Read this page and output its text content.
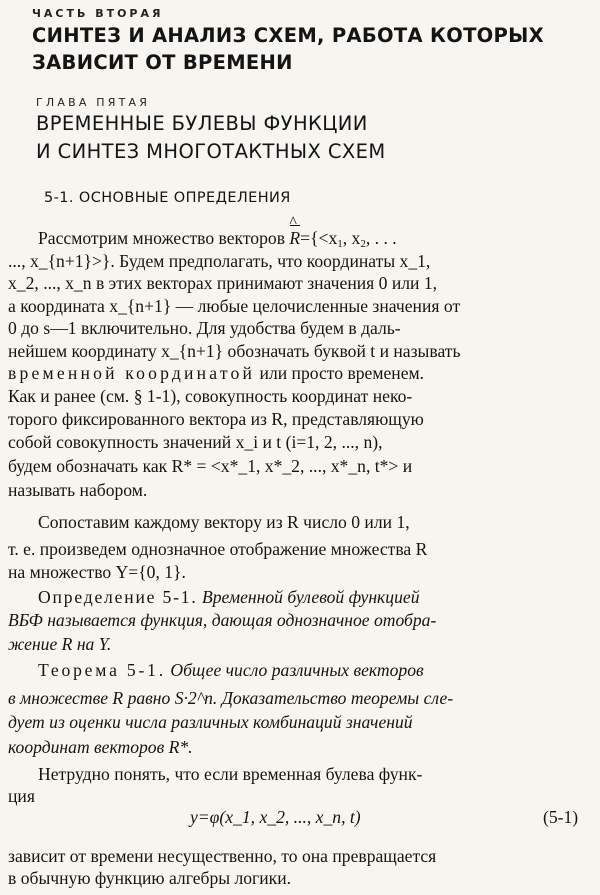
ЧАСТЬ ВТОРАЯ
СИНТЕЗ И АНАЛИЗ СХЕМ, РАБОТА КОТОРЫХ
ЗАВИСИТ ОТ ВРЕМЕНИ
ГЛАВА ПЯТАЯ
ВРЕМЕННЫЕ БУЛЕВЫ ФУНКЦИИ
И СИНТЕЗ МНОГОТАКТНЫХ СХЕМ
5-1. ОСНОВНЫЕ ОПРЕДЕЛЕНИЯ
Рассмотрим множество векторов
^
$R=\{<x_1$, $x_2$, . . .
..., x_{n+1}>}. Будем предполагать, что координаты x_1,
x_2, ..., x_n в этих векторах принимают значения 0 или 1,
а координата x_{n+1} — любые целочисленные значения от
0 до s—1 включительно. Для удобства будем в даль-
нейшем координату x_{n+1} обозначать буквой t и называть
временной координатой или просто временем.
Как и ранее (см. § 1-1), совокупность координат неко-
торого фиксированного вектора из R, представляющую
собой совокупность значений x_i и t (i=1, 2, ..., n),
будем обозначать как R* = <x*_1, x*_2, ..., x*_n, t*> и
называть набором.
Сопоставим каждому вектору из R число 0 или 1,
т. е. произведем однозначное отображение множества R
на множество Y={0, 1}.
Определение 5-1. Временной булевой функцией
ВБФ называется функция, дающая однозначное отобра-
жение R на Y.
Теорема 5-1. Общее число различных векторов
в множестве R равно S·2^n. Доказательство теоремы сле-
дует из оценки числа различных комбинаций значений
координат векторов R*.
Нетрудно понять, что если временная булева функ-
ция
y=φ(x_1, x_2, ..., x_n, t)	(5-1)
зависит от времени несущественно, то она превращается
в обычную функцию алгебры логики.
